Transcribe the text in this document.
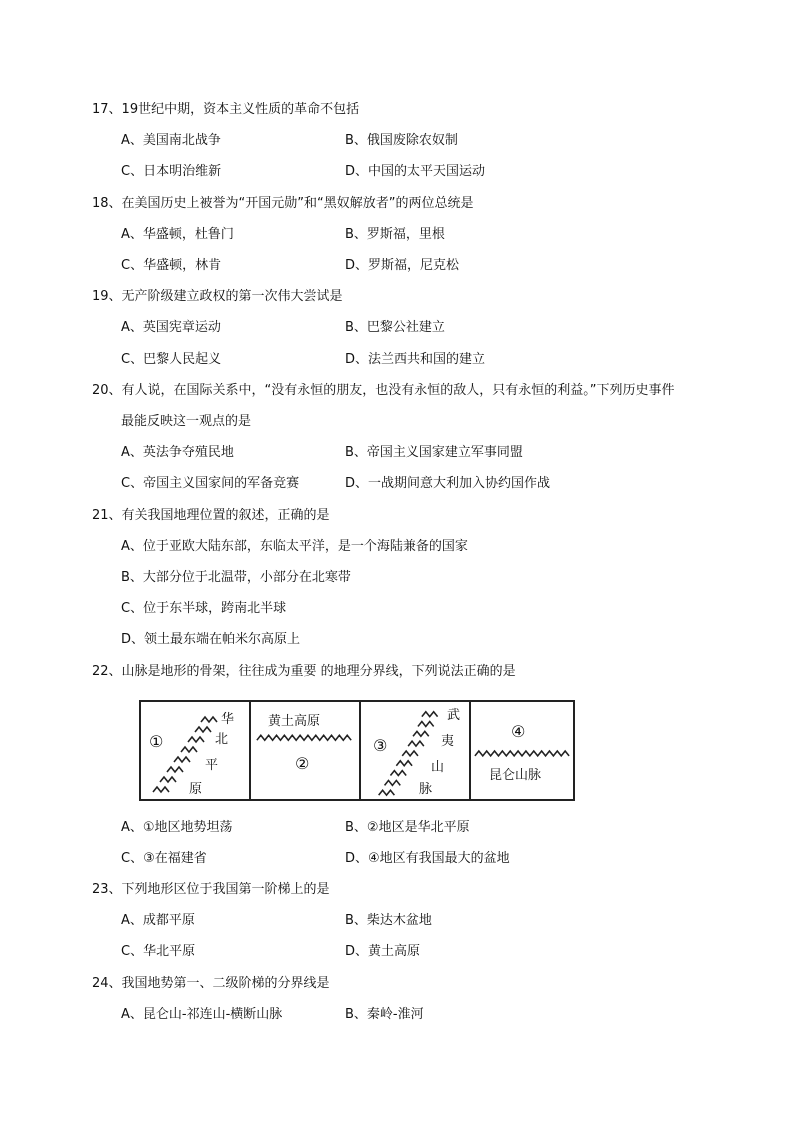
17、19世纪中期，资本主义性质的革命不包括
A、美国南北战争	B、俄国废除农奴制
C、日本明治维新	D、中国的太平天国运动
18、在美国历史上被誉为“开国元勋”和“黑奴解放者”的两位总统是
A、华盛顿，杜鲁门	B、罗斯福，里根
C、华盛顿，林肯	D、罗斯福，尼克松
19、无产阶级建立政权的第一次伟大尝试是
A、英国宪章运动	B、巴黎公社建立
C、巴黎人民起义	D、法兰西共和国的建立
20、有人说，在国际关系中，“没有永恒的朋友，也没有永恒的敌人，只有永恒的利益。”下列历史事件
最能反映这一观点的是
A、英法争夺殖民地	B、帝国主义国家建立军事同盟
C、帝国主义国家间的军备竞赛	D、一战期间意大利加入协约国作战
21、有关我国地理位置的叙述，正确的是
A、位于亚欧大陆东部，东临太平洋，是一个海陆兼备的国家
B、大部分位于北温带，小部分在北寒带
C、位于东半球，跨南北半球
D、领土最东端在帕米尔高原上
22、山脉是地形的骨架，往往成为重要 的地理分界线，下列说法正确的是
①
华
北
平
原
黄土高原
②
③
武
夷
山
脉
④
昆仑山脉
A、①地区地势坦荡	B、②地区是华北平原
C、③在福建省	D、④地区有我国最大的盆地
23、下列地形区位于我国第一阶梯上的是
A、成都平原	B、柴达木盆地
C、华北平原	D、黄土高原
24、我国地势第一、二级阶梯的分界线是
A、昆仑山-祁连山-横断山脉	B、秦岭-淮河
